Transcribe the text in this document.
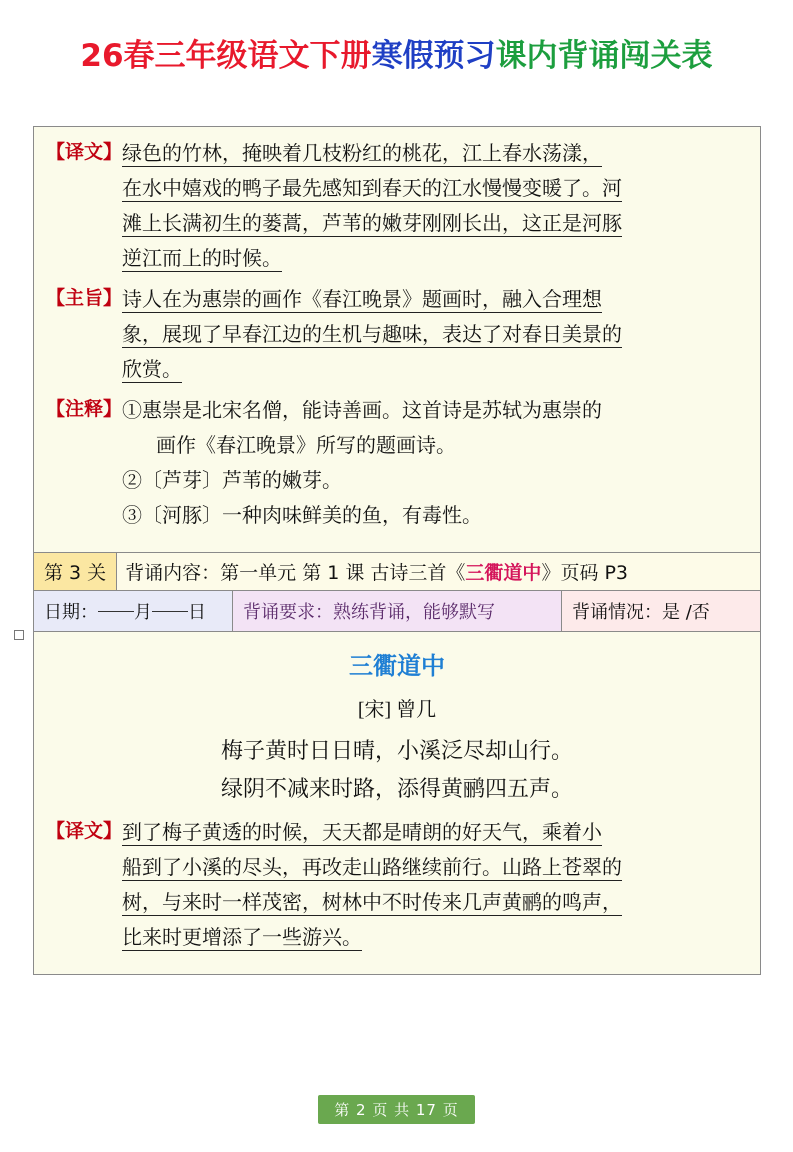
26春三年级语文下册寒假预习课内背诵闯关表
【译文】 绿色的竹林，掩映着几枝粉红的桃花，江上春水荡漾，
在水中嬉戏的鸭子最先感知到春天的江水慢慢变暖了。河
滩上长满初生的蒌蒿，芦苇的嫩芽刚刚长出，这正是河豚
逆江而上的时候。
【主旨】 诗人在为惠崇的画作《春江晚景》题画时，融入合理想
象，展现了早春江边的生机与趣味，表达了对春日美景的
欣赏。
【注释】 ①惠崇是北宋名僧，能诗善画。这首诗是苏轼为惠崇的
画作《春江晚景》所写的题画诗。
②〔芦芽〕芦苇的嫩芽。
③〔河豚〕一种肉味鲜美的鱼，有毒性。
第 3 关	背诵内容：第一单元 第 1 课 古诗三首《 三衢道中 》页码 P3
日期： 月 日 背诵要求： 熟练背诵，能够默写	背诵情况： 是 /否
三衢道中
[宋] 曾几
梅子黄时日日晴，小溪泛尽却山行。
绿阴不减来时路，添得黄鹂四五声。
【译文】 到了梅子黄透的时候，天天都是晴朗的好天气，乘着小
船到了小溪的尽头，再改走山路继续前行。山路上苍翠的
树，与来时一样茂密，树林中不时传来几声黄鹂的鸣声，
比来时更增添了一些游兴。
第 2 页 共 17 页
